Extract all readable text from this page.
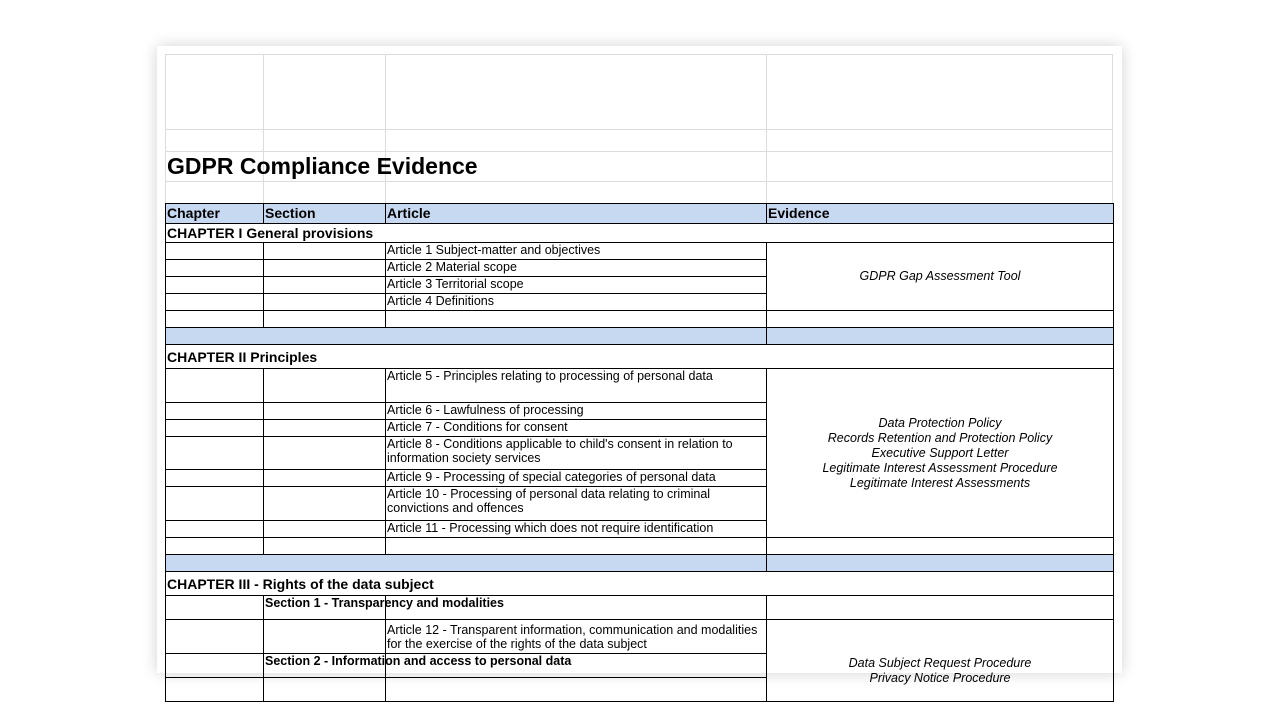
GDPR Compliance Evidence
Chapter	Section	Article	Evidence
CHAPTER I General provisions			
		Article 1 Subject-matter and objectives	GDPR Gap Assessment Tool

		Article 2 Material scope	
		Article 3 Territorial scope	
		Article 4 Definitions	

CHAPTER II Principles			
		Article 5 - Principles relating to processing of personal data	Data Protection Policy
Records Retention and Protection Policy
Executive Support Letter
Legitimate Interest Assessment Procedure
Legitimate Interest Assessments

		Article 6 - Lawfulness of processing	
		Article 7 - Conditions for consent	
		Article 8 - Conditions applicable to child's consent in relation to information society services	
		Article 9 - Processing of special categories of personal data	
		Article 10 - Processing of personal data relating to criminal convictions and offences	
		Article 11 - Processing which does not require identification	

CHAPTER III - Rights of the data subject			
	Section 1 - Transparency and modalities		
		Article 12 - Transparent information, communication and modalities for the exercise of the rights of the data subject	Data Subject Request Procedure
Privacy Notice Procedure

	Section 2 - Information and access to personal data		
